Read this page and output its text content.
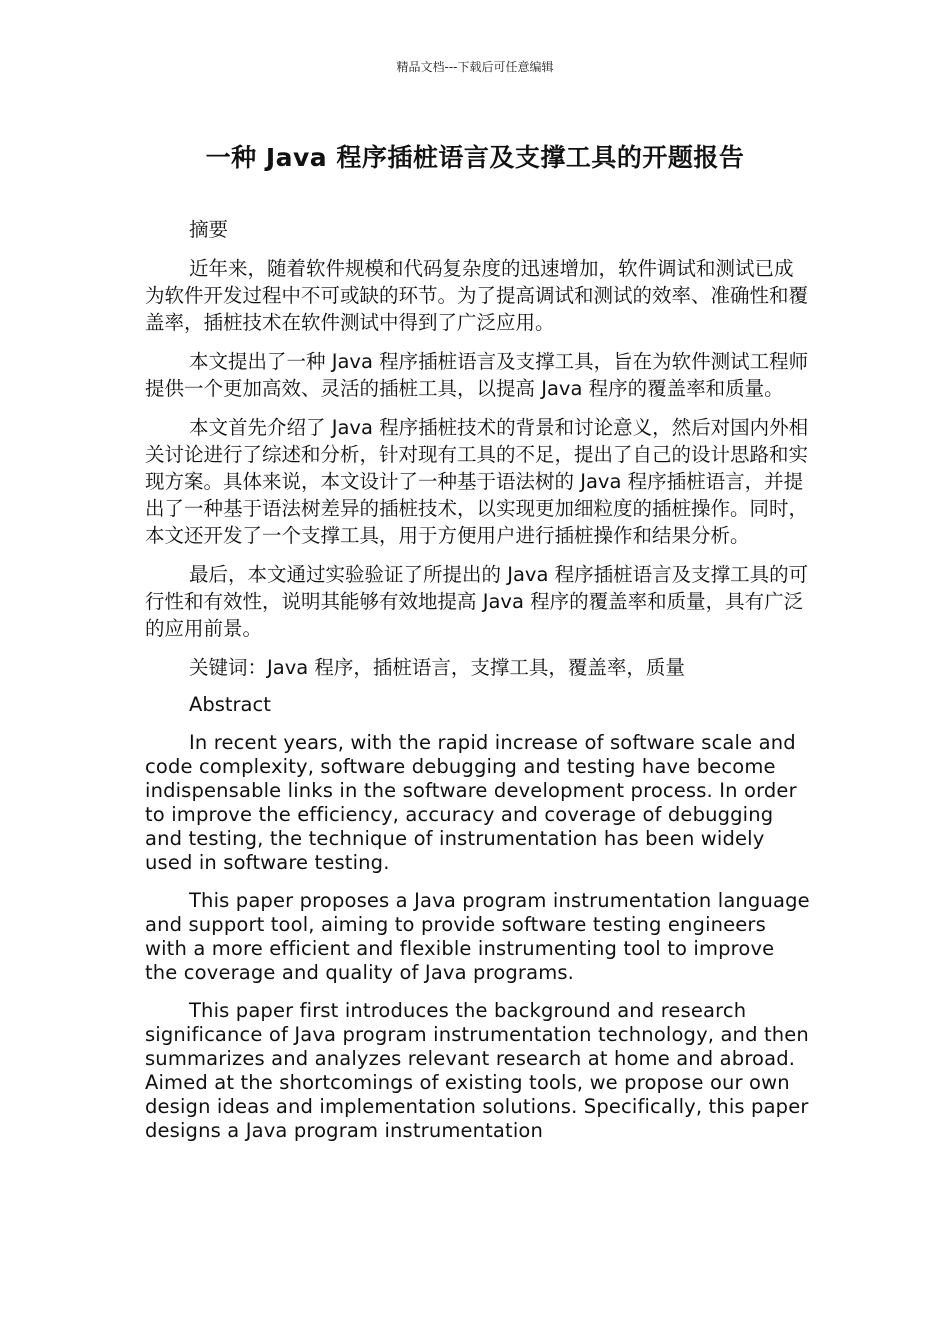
精品文档---下载后可任意编辑
一种 Java 程序插桩语言及支撑工具的开题报告

摘要

近年来，随着软件规模和代码复杂度的迅速增加，软件调试和测试已成为软件开发过程中不可或缺的环节。为了提高调试和测试的效率、准确性和覆盖率，插桩技术在软件测试中得到了广泛应用。

本文提出了一种 Java 程序插桩语言及支撑工具，旨在为软件测试工程师提供一个更加高效、灵活的插桩工具，以提高 Java 程序的覆盖率和质量。

本文首先介绍了 Java 程序插桩技术的背景和讨论意义，然后对国内外相关讨论进行了综述和分析，针对现有工具的不足，提出了自己的设计思路和实现方案。具体来说，本文设计了一种基于语法树的 Java 程序插桩语言，并提出了一种基于语法树差异的插桩技术，以实现更加细粒度的插桩操作。同时，本文还开发了一个支撑工具，用于方便用户进行插桩操作和结果分析。

最后，本文通过实验验证了所提出的 Java 程序插桩语言及支撑工具的可行性和有效性，说明其能够有效地提高 Java 程序的覆盖率和质量，具有广泛的应用前景。

关键词：Java 程序，插桩语言，支撑工具，覆盖率，质量

Abstract

In recent years, with the rapid increase of software scale and code complexity, software debugging and testing have become indispensable links in the software development process. In order to improve the efficiency, accuracy and coverage of debugging and testing, the technique of instrumentation has been widely used in software testing.

This paper proposes a Java program instrumentation language and support tool, aiming to provide software testing engineers with a more efficient and flexible instrumenting tool to improve the coverage and quality of Java programs.

This paper first introduces the background and research significance of Java program instrumentation technology, and then summarizes and analyzes relevant research at home and abroad. Aimed at the shortcomings of existing tools, we propose our own design ideas and implementation solutions. Specifically, this paper designs a Java program instrumentation
